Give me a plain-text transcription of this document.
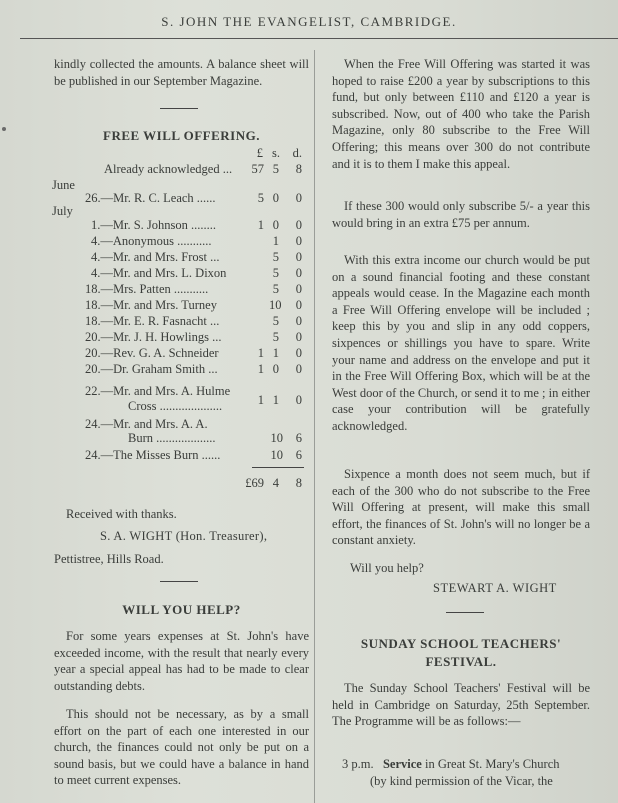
S. JOHN THE EVANGELIST, CAMBRIDGE.

kindly collected the amounts. A balance sheet will be published in our September Magazine.

FREE WILL OFFERING.
£ s.	d.
Already acknowledged ...	57 5	8
June
26.—Mr. R. C. Leach ......	5 0	0
July
1.—Mr. S. Johnson ........	1 0	0
4.—Anonymous ...........	1	0
4.—Mr. and Mrs. Frost ...	5	0
4.—Mr. and Mrs. L. Dixon	5	0
18.—Mrs. Patten ...........	5	0
18.—Mr. and Mrs. Turney	10	0
18.—Mr. E. R. Fasnacht ...	5	0
20.—Mr. J. H. Howlings ...	5	0
20.—Rev. G. A. Schneider	1 1	0
20.—Dr. Graham Smith ...	1 0	0
22.—Mr. and Mrs. A. Hulme
Cross ....................	1 1	0
24.—Mr. and Mrs. A. A.
Burn ...................	10	6
24.—The Misses Burn ......	10	6
£69 4	8
Received with thanks.
S. A. WIGHT (Hon. Treasurer),
Pettistree, Hills Road.
WILL YOU HELP?

For some years expenses at St. John's have exceeded income, with the result that nearly every year a special appeal has had to be made to clear outstanding debts.

This should not be necessary, as by a small effort on the part of each one interested in our church, the finances could not only be put on a sound basis, but we could have a balance in hand to meet current expenses.

When the Free Will Offering was started it was hoped to raise £200 a year by subscriptions to this fund, but only between £110 and £120 a year is subscribed. Now, out of 400 who take the Parish Magazine, only 80 subscribe to the Free Will Offering; this means over 300 do not contribute and it is to them I make this appeal.

If these 300 would only subscribe 5/- a year this would bring in an extra £75 per annum.

With this extra income our church would be put on a sound financial footing and these constant appeals would cease. In the Magazine each month a Free Will Offering envelope will be included ; keep this by you and slip in any odd coppers, sixpences or shillings you have to spare. Write your name and address on the envelope and put it in the Free Will Offering Box, which will be at the West door of the Church, or send it to me ; in either case your contribution will be gratefully acknowledged.

Sixpence a month does not seem much, but if each of the 300 who do not subscribe to the Free Will Offering at present, will make this small effort, the finances of St. John's will no longer be a constant anxiety.

Will you help?
STEWART A. WIGHT
SUNDAY SCHOOL TEACHERS'
FESTIVAL.

The Sunday School Teachers' Festival will be held in Cambridge on Saturday, 25th September. The Programme will be as follows:—

3 p.m. Service in Great St. Mary's Church
(by kind permission of the Vicar, the
